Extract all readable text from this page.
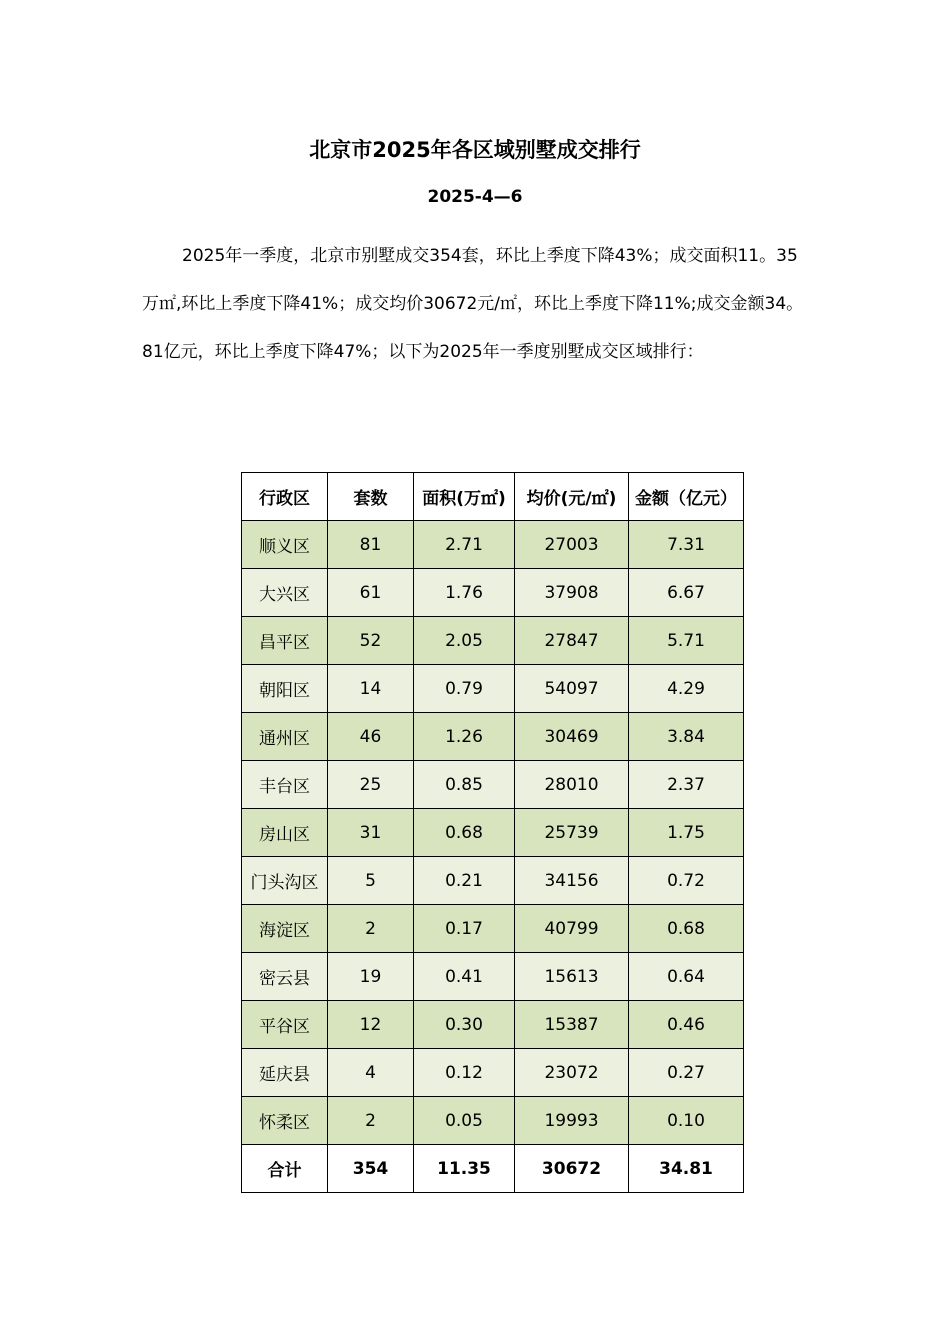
北京市2025年各区域别墅成交排行
2025-4—6
2025年一季度，北京市别墅成交354套，环比上季度下降43%；成交面积11。35万㎡,环比上季度下降41%；成交均价30672元/㎡，环比上季度下降11%;成交金额34。81亿元，环比上季度下降47%；以下为2025年一季度别墅成交区域排行：
行政区	套数	面积(万㎡)	均价(元/㎡)	金额（亿元）
顺义区	81	2.71	27003	7.31
大兴区	61	1.76	37908	6.67
昌平区	52	2.05	27847	5.71
朝阳区	14	0.79	54097	4.29
通州区	46	1.26	30469	3.84
丰台区	25	0.85	28010	2.37
房山区	31	0.68	25739	1.75
门头沟区	5	0.21	34156	0.72
海淀区	2	0.17	40799	0.68
密云县	19	0.41	15613	0.64
平谷区	12	0.30	15387	0.46
延庆县	4	0.12	23072	0.27
怀柔区	2	0.05	19993	0.10
合计	354	11.35	30672	34.81
